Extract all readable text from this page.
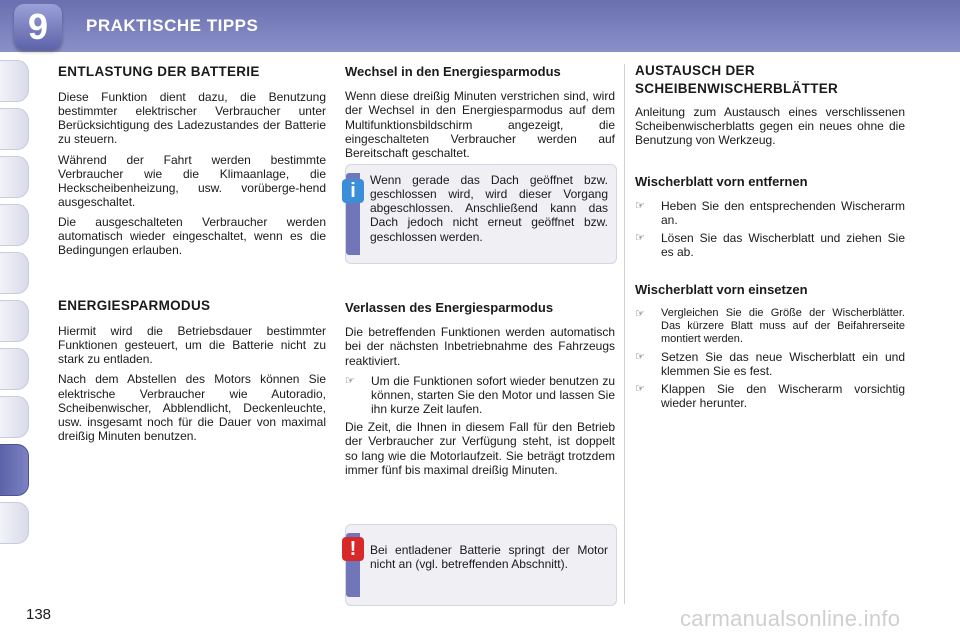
9	PRAKTISCHE TIPPS
ENTLASTUNG DER BATTERIE

Diese Funktion dient dazu, die Benutzung bestimmter elektrischer Verbraucher unter Berücksichtigung des Ladezustandes der Batterie zu steuern.

Während der Fahrt werden bestimmte Verbraucher wie die Klimaanlage, die Heckscheibenheizung, usw. vorüberge-hend ausgeschaltet.

Die ausgeschalteten Verbraucher werden automatisch wieder eingeschaltet, wenn es die Bedingungen erlauben.

ENERGIESPARMODUS

Hiermit wird die Betriebsdauer bestimmter Funktionen gesteuert, um die Batterie nicht zu stark zu entladen.

Nach dem Abstellen des Motors können Sie elektrische Verbraucher wie Autoradio, Scheibenwischer, Abblendlicht, Deckenleuchte, usw. insgesamt noch für die Dauer von maximal dreißig Minuten benutzen.

Wechsel in den Energiesparmodus

Wenn diese dreißig Minuten verstrichen sind, wird der Wechsel in den Energiesparmodus auf dem Multifunktionsbildschirm angezeigt, die eingeschalteten Verbraucher werden auf Bereitschaft geschaltet.

i	Wenn gerade das Dach geöffnet bzw. geschlossen wird, wird dieser Vorgang abgeschlossen. Anschließend kann das Dach jedoch nicht erneut geöffnet bzw. geschlossen werden.
Verlassen des Energiesparmodus

Die betreffenden Funktionen werden automatisch bei der nächsten Inbetriebnahme des Fahrzeugs reaktiviert.

☞	Um die Funktionen sofort wieder benutzen zu können, starten Sie den Motor und lassen Sie ihn kurze Zeit laufen.

Die Zeit, die Ihnen in diesem Fall für den Betrieb der Verbraucher zur Verfügung steht, ist doppelt so lang wie die Motorlaufzeit. Sie beträgt trotzdem immer fünf bis maximal dreißig Minuten.

!	Bei entladener Batterie springt der Motor nicht an (vgl. betreffenden Abschnitt).
AUSTAUSCH DER SCHEIBENWISCHERBLÄTTER

Anleitung zum Austausch eines verschlissenen Scheibenwischerblatts gegen ein neues ohne die Benutzung von Werkzeug.

Wischerblatt vorn entfernen
☞	Heben Sie den entsprechenden Wischerarm an.
☞	Lösen Sie das Wischerblatt und ziehen Sie es ab.
Wischerblatt vorn einsetzen
☞	Vergleichen Sie die Größe der Wischerblätter. Das kürzere Blatt muss auf der Beifahrerseite montiert werden.
☞	Setzen Sie das neue Wischerblatt ein und klemmen Sie es fest.
☞	Klappen Sie den Wischerarm vorsichtig wieder herunter.
138	carmanualsonline.info
